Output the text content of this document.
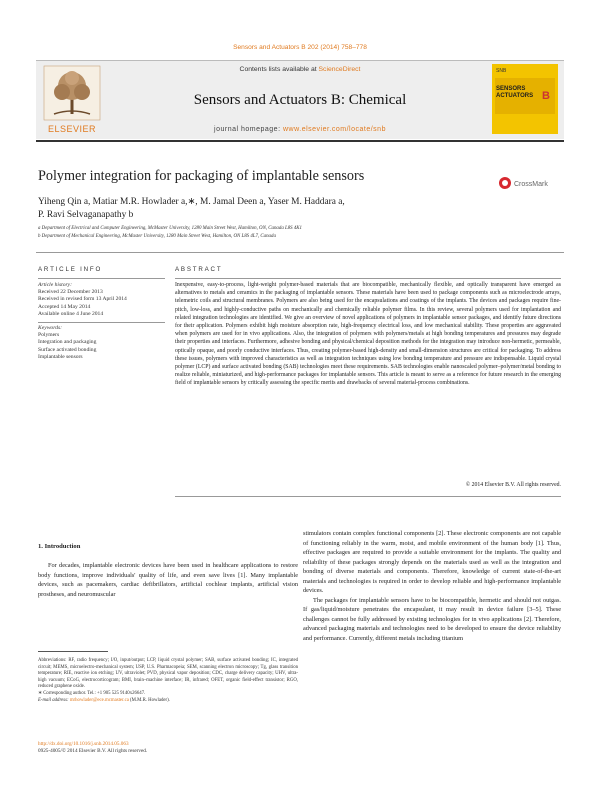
Sensors and Actuators B 202 (2014) 758–778
ELSEVIER
Contents lists available at ScienceDirect
Sensors and Actuators B: Chemical
journal homepage: www.elsevier.com/locate/snb
SNB
SENSORS ACTUATORS B
Polymer integration for packaging of implantable sensors
CrossMark
Yiheng Qin a, Matiar M.R. Howlader a,∗, M. Jamal Deen a, Yaser M. Haddara a,
P. Ravi Selvaganapathy b
a Department of Electrical and Computer Engineering, McMaster University, 1280 Main Street West, Hamilton, ON, Canada L8S 4K1
b Department of Mechanical Engineering, McMaster University, 1280 Main Street West, Hamilton, ON L8S 4L7, Canada
ARTICLE INFO
Article history:
Received 22 December 2013
Received in revised form 13 April 2014
Accepted 14 May 2014
Available online 4 June 2014
Keywords:
Polymers
Integration and packaging
Surface activated bonding
Implantable sensors
ABSTRACT
Inexpensive, easy-to-process, light-weight polymer-based materials that are biocompatible, mechanically flexible, and optically transparent have emerged as alternatives to metals and ceramics in the packaging of implantable sensors. These materials have been used to package components such as microelectrode arrays, telemetric coils and structural membranes. Polymers are also being used for the encapsulations and coatings of the implants. The devices and packages require fine-pitch, low-loss, and highly-conductive paths on mechanically and chemically reliable polymer films. In this review, several polymers used for implantation and related integration technologies are identified. We give an overview of novel applications of polymers in implantable sensor packages, and identify future directions for their application. Polymers exhibit high moisture absorption rate, high-frequency electrical loss, and low mechanical stability. These properties are aggravated when polymers are used for in vivo applications. Also, the integration of polymers with polymers/metals at high bonding temperatures and pressures may degrade their properties and interfaces. Furthermore, adhesive bonding and physical/chemical deposition methods for the integration may introduce non-hermetic, permeable, optically opaque, and poorly conductive interfaces. Thus, creating polymer-based high-density and small-dimension structures are critical for packaging. To address these issues, polymers with improved characteristics as well as integration techniques using low bonding temperature and pressure are indispensable. Liquid crystal polymer (LCP) and surface activated bonding (SAB) technologies meet these requirements. SAB technologies enable nanoscaled polymer–polymer/metal bonding to realize reliable, miniaturized, and high-performance packages for implantable sensors. This article is meant to serve as a reference for future research in the emerging field of implantable sensors by critically assessing the specific merits and drawbacks of several material-process combinations.
© 2014 Elsevier B.V. All rights reserved.
1. Introduction
For decades, implantable electronic devices have been used in healthcare applications to restore body functions, improve individuals' quality of life, and even save lives [1]. Many implantable devices, such as pacemakers, cardiac defibrillators, artificial cochlear implants, artificial vision prostheses, and neuromuscular
stimulators contain complex functional components [2]. These electronic components are not capable of functioning reliably in the warm, moist, and mobile environment of the human body [1]. Thus, effective packages are required to provide a suitable environment for the implants. The quality and reliability of these packages strongly depends on the materials used as well as the integration and bonding of diverse materials and components. Therefore, knowledge of current state-of-the-art materials and technologies is required in order to develop reliable and high-performance implantable devices.
The packages for implantable sensors have to be biocompatible, hermetic and should not outgas. If gas/liquid/moisture penetrates the encapsulant, it may result in device failure [3–5]. These challenges cannot be fully addressed by existing technologies for in vivo applications [2]. Therefore, advanced packaging materials and technologies need to be developed to ensure the device reliability and performance. Currently, different metals including titanium
Abbreviations: RF, radio frequency; I/O, input/output; LCP, liquid crystal polymer; SAB, surface activated bonding; IC, integrated circuit; MEMS, microelectro-mechanical system; USP, U.S. Pharmacopeia; SEM, scanning electron microscopy; Tg, glass transition temperature; RIE, reactive ion etching; UV, ultraviolet; PVD, physical vapor deposition; CDC, charge delivery capacity; UHV, ultra-high vacuum; ECoG, electrocorticogram; BMI, brain–machine interface; IR, infrared; OFET, organic field-effect transistor; RGO, reduced graphene oxide.
∗ Corresponding author. Tel.: +1 905 525 9140x26647.
E-mail address: mrhowlader@ece.mcmaster.ca (M.M.R. Howlader).
http://dx.doi.org/10.1016/j.snb.2014.05.063
0925-4005/© 2014 Elsevier B.V. All rights reserved.
